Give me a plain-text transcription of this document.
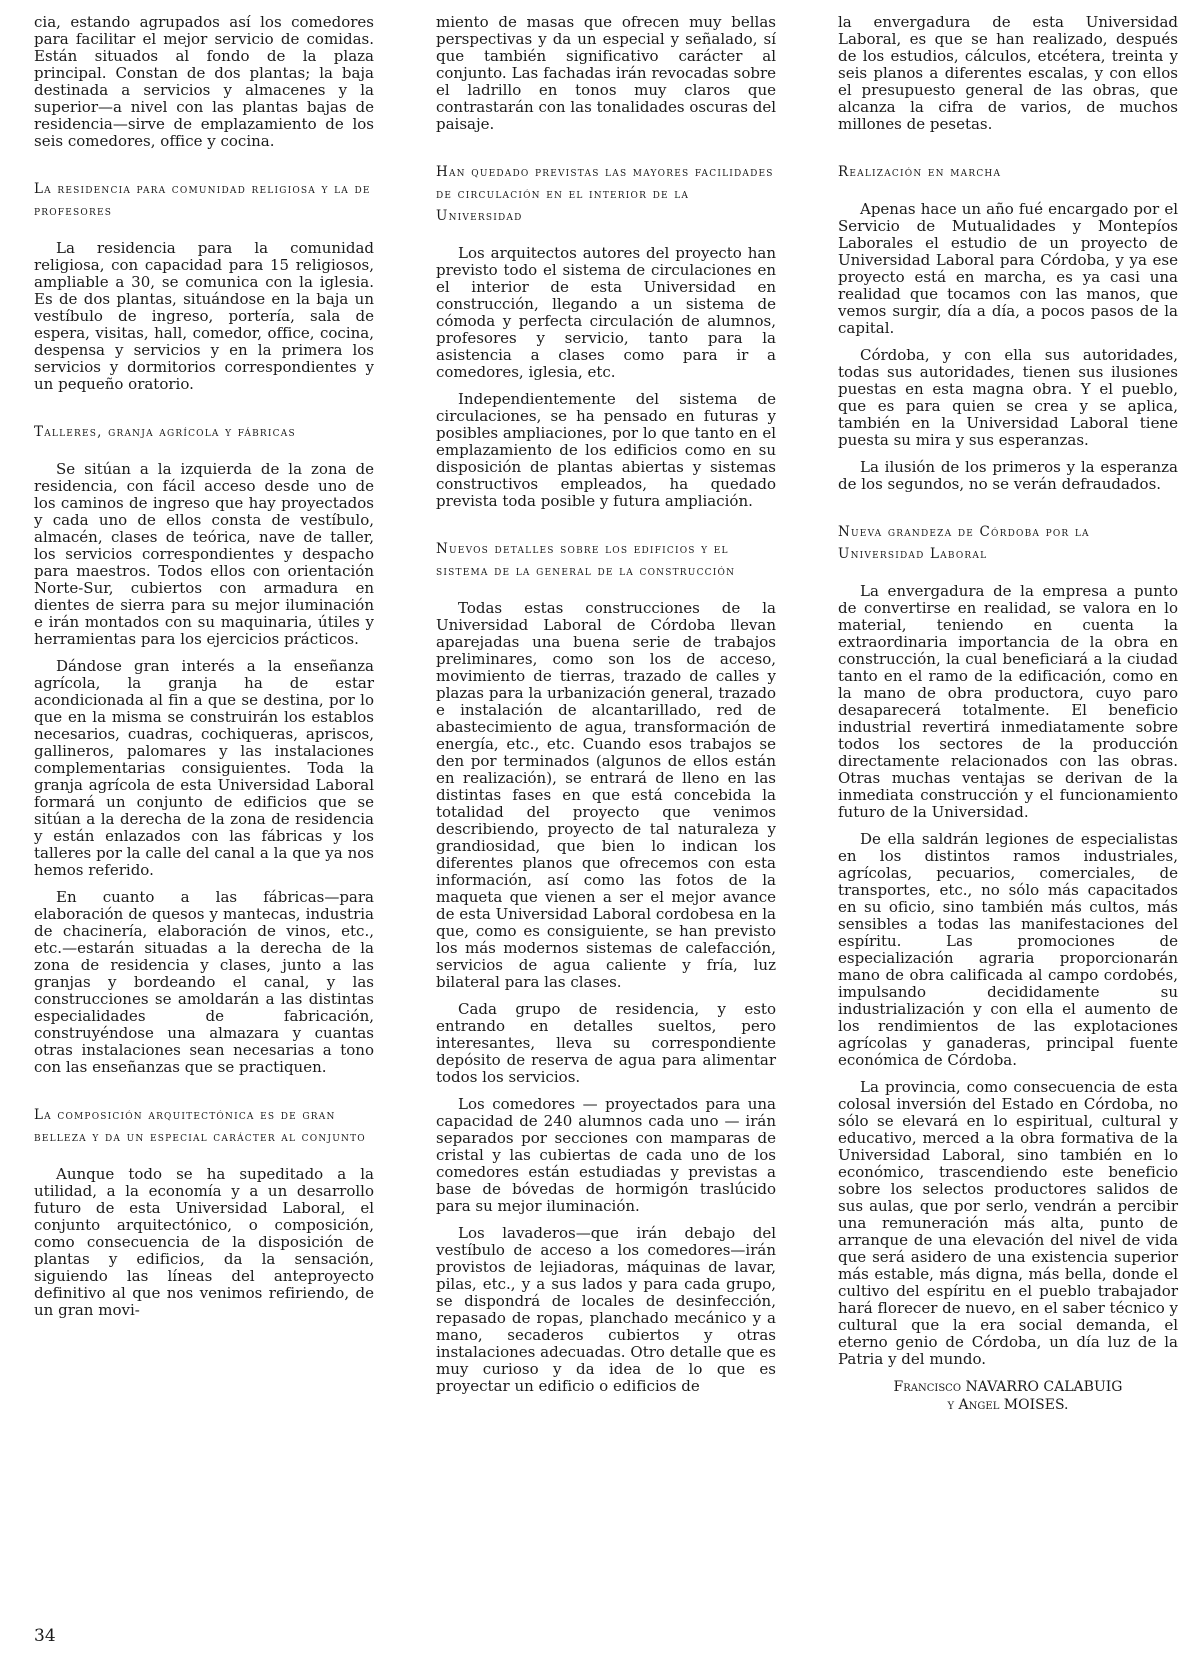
cia, estando agrupados así los comedores para facilitar el mejor servicio de comidas. Están situados al fondo de la plaza principal. Constan de dos plantas; la baja destinada a servicios y almacenes y la superior—a nivel con las plantas bajas de residencia—sirve de emplazamiento de los seis comedores, office y cocina.

La residencia para comunidad religiosa y la de profesores

La residencia para la comunidad religiosa, con capacidad para 15 religiosos, ampliable a 30, se comunica con la iglesia. Es de dos plantas, situándose en la baja un vestíbulo de ingreso, portería, sala de espera, visitas, hall, comedor, office, cocina, despensa y servicios y en la primera los servicios y dormitorios correspondientes y un pequeño oratorio.

Talleres, granja agrícola y fábricas

Se sitúan a la izquierda de la zona de residencia, con fácil acceso desde uno de los caminos de ingreso que hay proyectados y cada uno de ellos consta de vestíbulo, almacén, clases de teórica, nave de taller, los servicios correspondientes y despacho para maestros. Todos ellos con orientación Norte-Sur, cubiertos con armadura en dientes de sierra para su mejor iluminación e irán montados con su maquinaria, útiles y herramientas para los ejercicios prácticos.

Dándose gran interés a la enseñanza agrícola, la granja ha de estar acondicionada al fin a que se destina, por lo que en la misma se construirán los establos necesarios, cuadras, cochiqueras, apriscos, gallineros, palomares y las instalaciones complementarias consiguientes. Toda la granja agrícola de esta Universidad Laboral formará un conjunto de edificios que se sitúan a la derecha de la zona de residencia y están enlazados con las fábricas y los talleres por la calle del canal a la que ya nos hemos referido.

En cuanto a las fábricas—para elaboración de quesos y mantecas, industria de chacinería, elaboración de vinos, etc., etc.—estarán situadas a la derecha de la zona de residencia y clases, junto a las granjas y bordeando el canal, y las construcciones se amoldarán a las distintas especialidades de fabricación, construyéndose una almazara y cuantas otras instalaciones sean necesarias a tono con las enseñanzas que se practiquen.

La composición arquitectónica es de gran belleza y da un especial carácter al conjunto

Aunque todo se ha supeditado a la utilidad, a la economía y a un desarrollo futuro de esta Universidad Laboral, el conjunto arquitectónico, o composición, como consecuencia de la disposición de plantas y edificios, da la sensación, siguiendo las líneas del anteproyecto definitivo al que nos venimos refiriendo, de un gran movi-

miento de masas que ofrecen muy bellas perspectivas y da un especial y señalado, sí que también significativo carácter al conjunto. Las fachadas irán revocadas sobre el ladrillo en tonos muy claros que contrastarán con las tonalidades oscuras del paisaje.

Han quedado previstas las mayores facilidades de circulación en el interior de la Universidad

Los arquitectos autores del proyecto han previsto todo el sistema de circulaciones en el interior de esta Universidad en construcción, llegando a un sistema de cómoda y perfecta circulación de alumnos, profesores y servicio, tanto para la asistencia a clases como para ir a comedores, iglesia, etc.

Independientemente del sistema de circulaciones, se ha pensado en futuras y posibles ampliaciones, por lo que tanto en el emplazamiento de los edificios como en su disposición de plantas abiertas y sistemas constructivos empleados, ha quedado prevista toda posible y futura ampliación.

Nuevos detalles sobre los edificios y el sistema de la general de la construcción

Todas estas construcciones de la Universidad Laboral de Córdoba llevan aparejadas una buena serie de trabajos preliminares, como son los de acceso, movimiento de tierras, trazado de calles y plazas para la urbanización general, trazado e instalación de alcantarillado, red de abastecimiento de agua, transformación de energía, etc., etc. Cuando esos trabajos se den por terminados (algunos de ellos están en realización), se entrará de lleno en las distintas fases en que está concebida la totalidad del proyecto que venimos describiendo, proyecto de tal naturaleza y grandiosidad, que bien lo indican los diferentes planos que ofrecemos con esta información, así como las fotos de la maqueta que vienen a ser el mejor avance de esta Universidad Laboral cordobesa en la que, como es consiguiente, se han previsto los más modernos sistemas de calefacción, servicios de agua caliente y fría, luz bilateral para las clases.

Cada grupo de residencia, y esto entrando en detalles sueltos, pero interesantes, lleva su correspondiente depósito de reserva de agua para alimentar todos los servicios.

Los comedores — proyectados para una capacidad de 240 alumnos cada uno — irán separados por secciones con mamparas de cristal y las cubiertas de cada uno de los comedores están estudiadas y previstas a base de bóvedas de hormigón traslúcido para su mejor iluminación.

Los lavaderos—que irán debajo del vestíbulo de acceso a los comedores—irán provistos de lejiadoras, máquinas de lavar, pilas, etc., y a sus lados y para cada grupo, se dispondrá de locales de desinfección, repasado de ropas, planchado mecánico y a mano, secaderos cubiertos y otras instalaciones adecuadas. Otro detalle que es muy curioso y da idea de lo que es proyectar un edificio o edificios de

la envergadura de esta Universidad Laboral, es que se han realizado, después de los estudios, cálculos, etcétera, treinta y seis planos a diferentes escalas, y con ellos el presupuesto general de las obras, que alcanza la cifra de varios, de muchos millones de pesetas.

Realización en marcha

Apenas hace un año fué encargado por el Servicio de Mutualidades y Montepíos Laborales el estudio de un proyecto de Universidad Laboral para Córdoba, y ya ese proyecto está en marcha, es ya casi una realidad que tocamos con las manos, que vemos surgir, día a día, a pocos pasos de la capital.

Córdoba, y con ella sus autoridades, todas sus autoridades, tienen sus ilusiones puestas en esta magna obra. Y el pueblo, que es para quien se crea y se aplica, también en la Universidad Laboral tiene puesta su mira y sus esperanzas.

La ilusión de los primeros y la esperanza de los segundos, no se verán defraudados.

Nueva grandeza de Córdoba por la Universidad Laboral

La envergadura de la empresa a punto de convertirse en realidad, se valora en lo material, teniendo en cuenta la extraordinaria importancia de la obra en construcción, la cual beneficiará a la ciudad tanto en el ramo de la edificación, como en la mano de obra productora, cuyo paro desaparecerá totalmente. El beneficio industrial revertirá inmediatamente sobre todos los sectores de la producción directamente relacionados con las obras. Otras muchas ventajas se derivan de la inmediata construcción y el funcionamiento futuro de la Universidad.

De ella saldrán legiones de especialistas en los distintos ramos industriales, agrícolas, pecuarios, comerciales, de transportes, etc., no sólo más capacitados en su oficio, sino también más cultos, más sensibles a todas las manifestaciones del espíritu. Las promociones de especialización agraria proporcionarán mano de obra calificada al campo cordobés, impulsando decididamente su industrialización y con ella el aumento de los rendimientos de las explotaciones agrícolas y ganaderas, principal fuente económica de Córdoba.

La provincia, como consecuencia de esta colosal inversión del Estado en Córdoba, no sólo se elevará en lo espiritual, cultural y educativo, merced a la obra formativa de la Universidad Laboral, sino también en lo económico, trascendiendo este beneficio sobre los selectos productores salidos de sus aulas, que por serlo, vendrán a percibir una remuneración más alta, punto de arranque de una elevación del nivel de vida que será asidero de una existencia superior más estable, más digna, más bella, donde el cultivo del espíritu en el pueblo trabajador hará florecer de nuevo, en el saber técnico y cultural que la era social demanda, el eterno genio de Córdoba, un día luz de la Patria y del mundo.

Francisco NAVARRO CALABUIG
y Angel MOISES.
34
